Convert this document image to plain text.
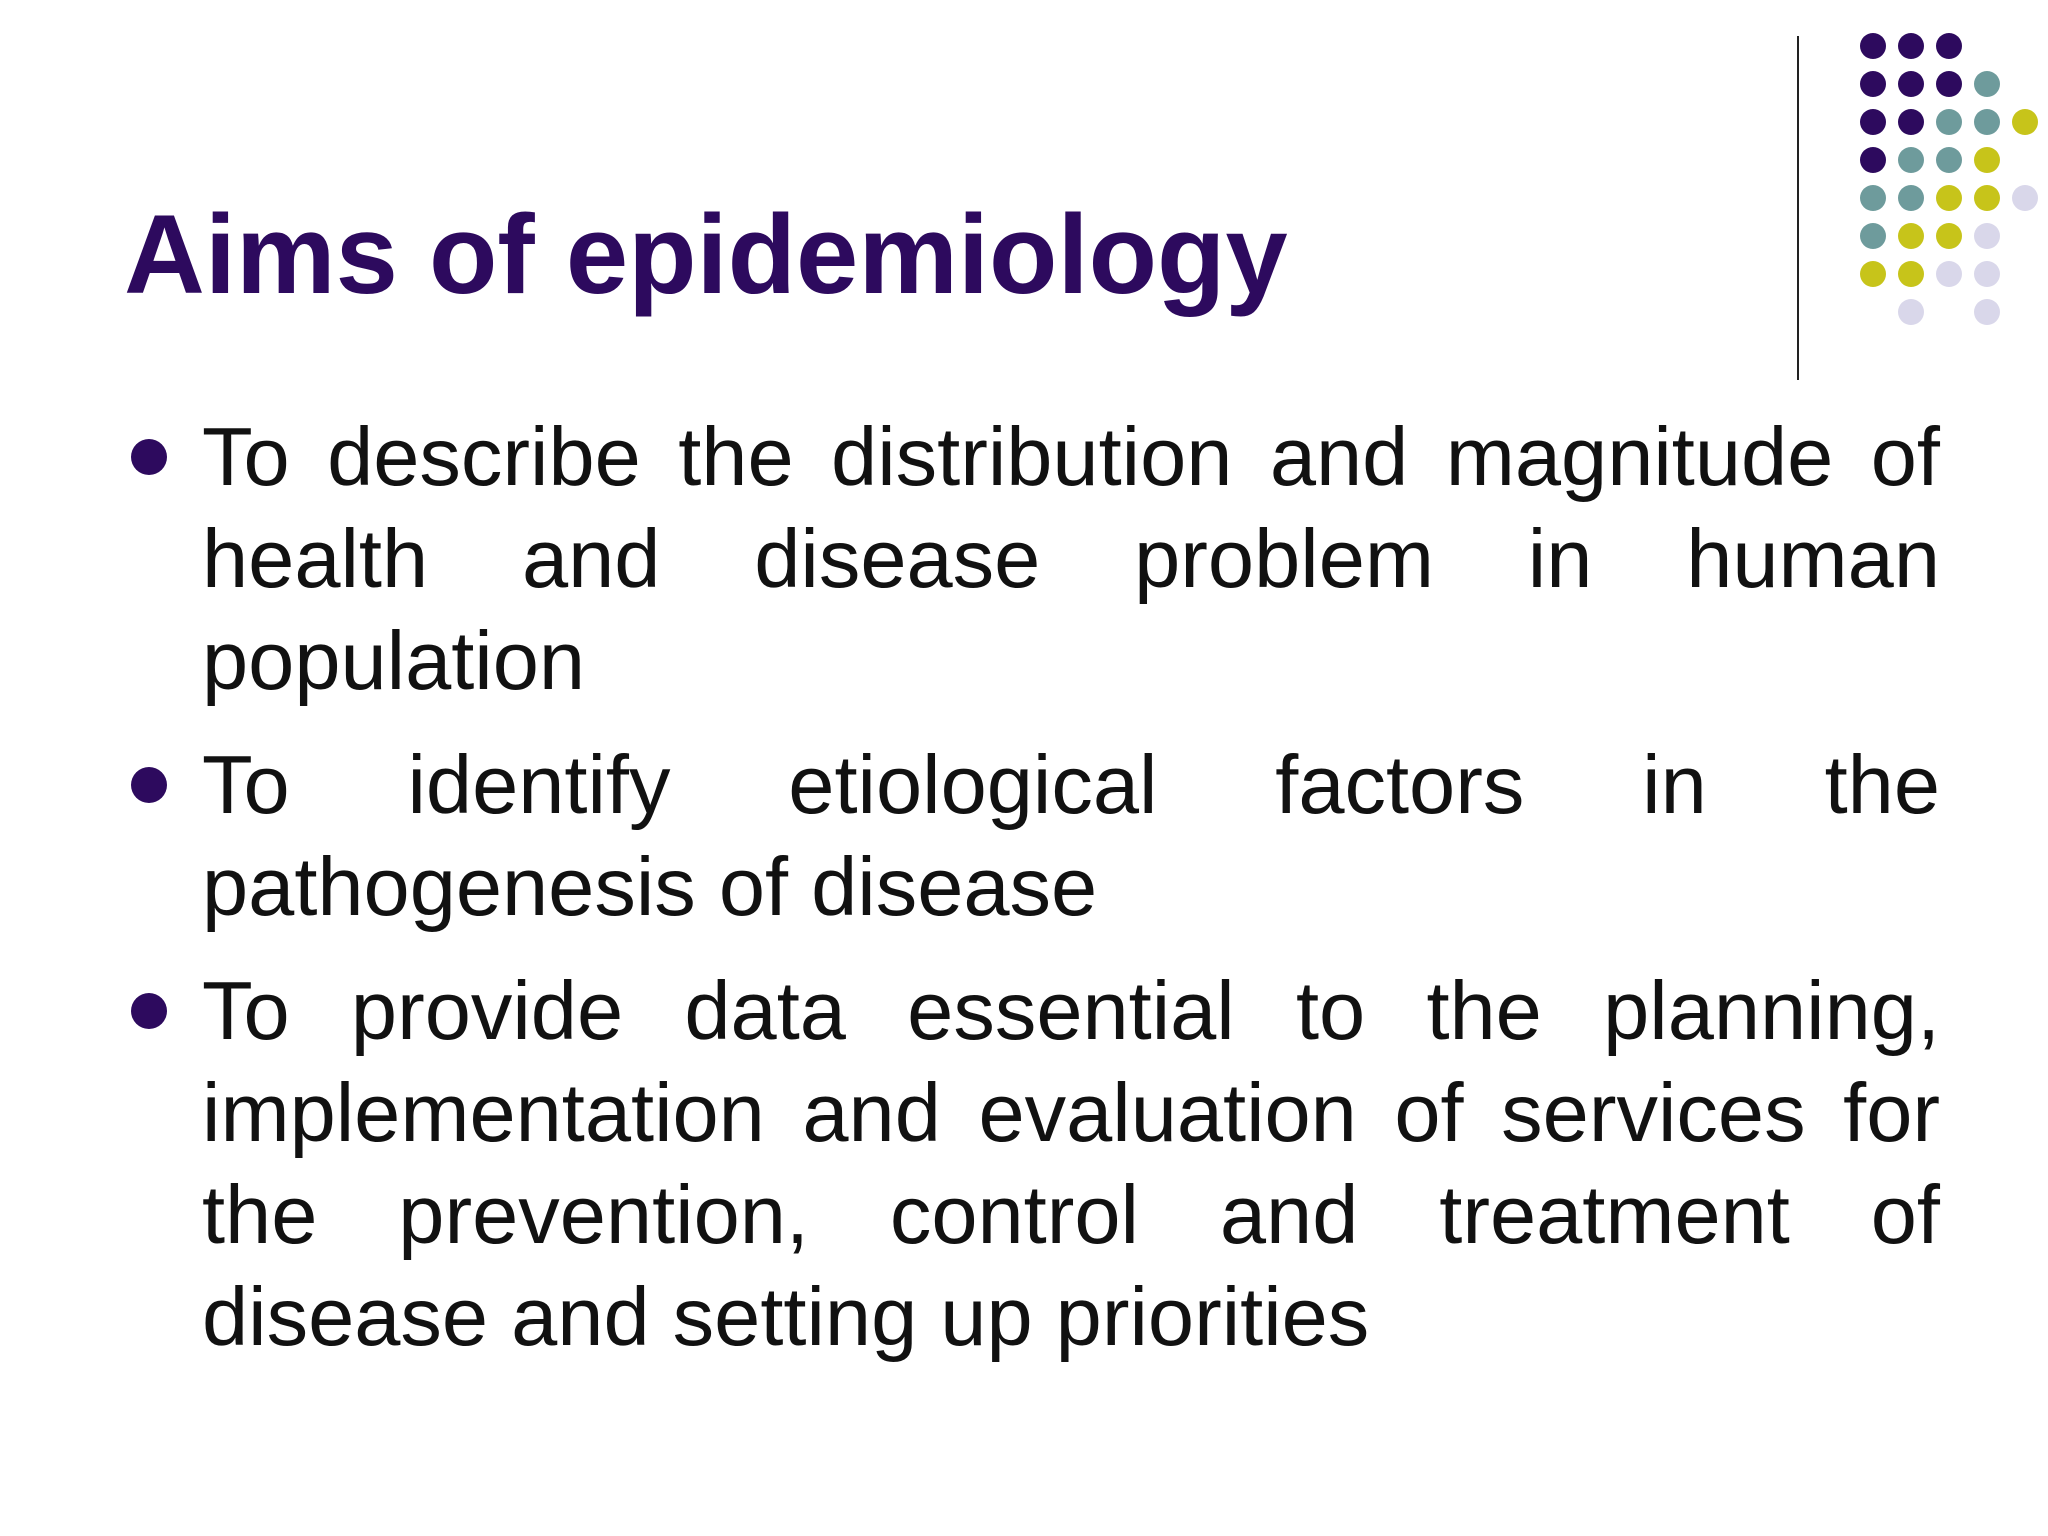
Aims of epidemiology
To describe the distribution and magnitude of health and disease problem in human population
To identify etiological factors in the pathogenesis of disease
To provide data essential to the planning, implementation and evaluation of services for the prevention, control and treatment of disease and setting up priorities
